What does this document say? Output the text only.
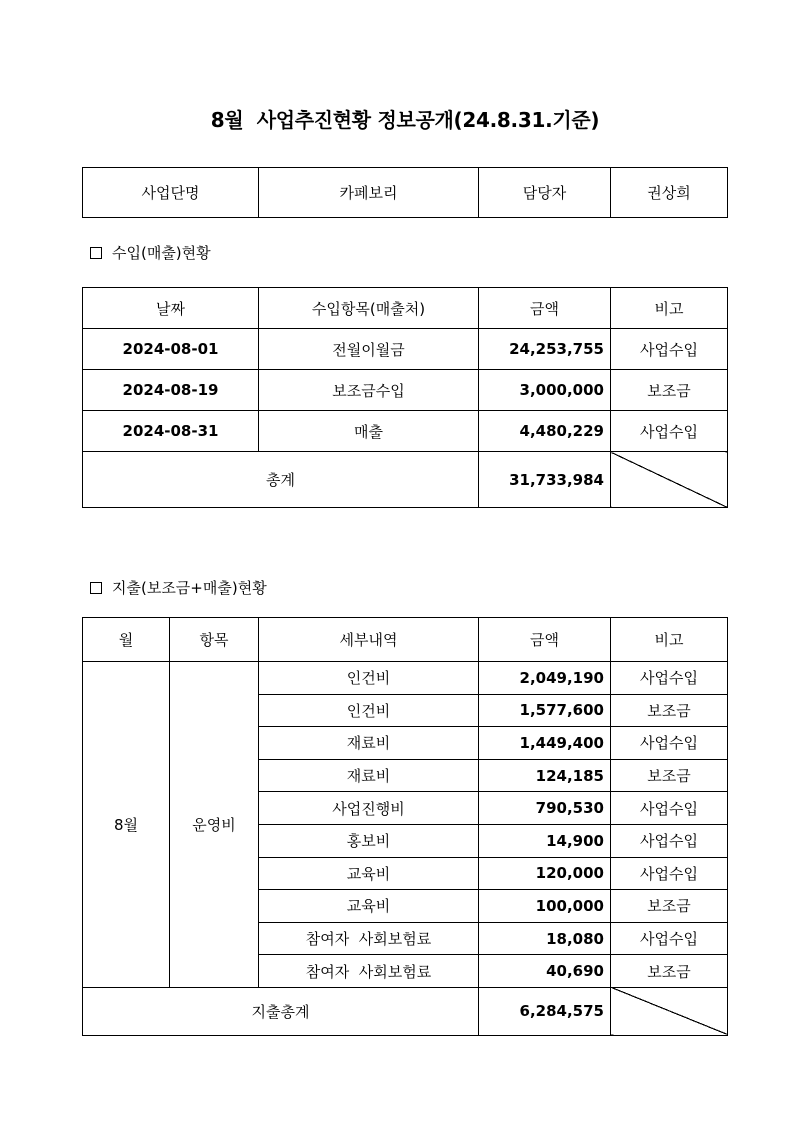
8월  사업추진현황 정보공개(24.8.31.기준)
사업단명	카페보리	담당자	권상희
수입(매출)현황
날짜	수입항목(매출처)	금액	비고
2024-08-01	전월이월금	24,253,755	사업수입
2024-08-19	보조금수입	3,000,000	보조금
2024-08-31	매출	4,480,229	사업수입
총계		31,733,984	
지출(보조금+매출)현황
월	항목	세부내역	금액	비고
8월	운영비	인건비	2,049,190	사업수입
		인건비	1,577,600	보조금
		재료비	1,449,400	사업수입
		재료비	124,185	보조금
		사업진행비	790,530	사업수입
		홍보비	14,900	사업수입
		교육비	120,000	사업수입
		교육비	100,000	보조금
		참여자  사회보험료	18,080	사업수입
		참여자  사회보험료	40,690	보조금
지출총계			6,284,575	
